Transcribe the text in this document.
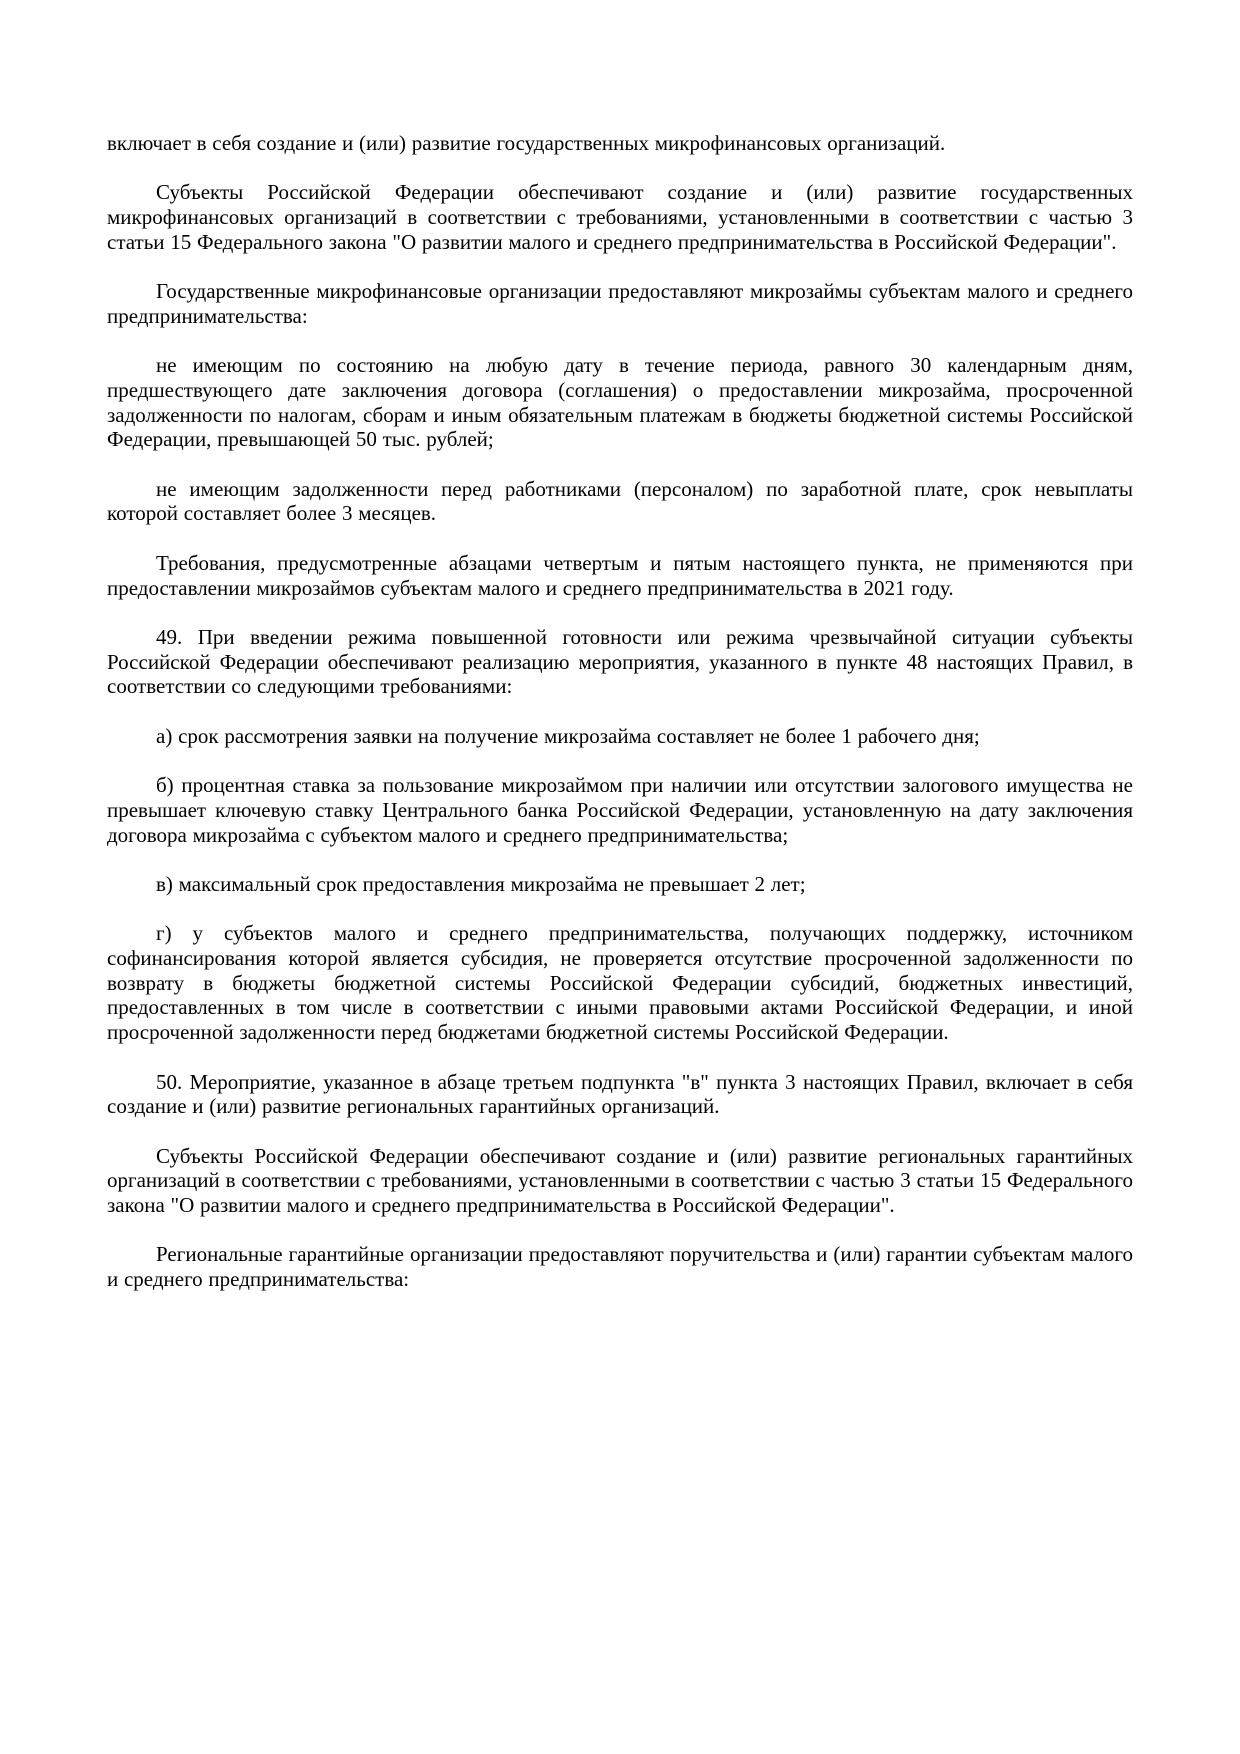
включает в себя создание и (или) развитие государственных микрофинансовых организаций.

Субъекты Российской Федерации обеспечивают создание и (или) развитие государственных микрофинансовых организаций в соответствии с требованиями, установленными в соответствии с частью 3 статьи 15 Федерального закона "О развитии малого и среднего предпринимательства в Российской Федерации".

Государственные микрофинансовые организации предоставляют микрозаймы субъектам малого и среднего предпринимательства:

не имеющим по состоянию на любую дату в течение периода, равного 30 календарным дням, предшествующего дате заключения договора (соглашения) о предоставлении микрозайма, просроченной задолженности по налогам, сборам и иным обязательным платежам в бюджеты бюджетной системы Российской Федерации, превышающей 50 тыс. рублей;

не имеющим задолженности перед работниками (персоналом) по заработной плате, срок невыплаты которой составляет более 3 месяцев.

Требования, предусмотренные абзацами четвертым и пятым настоящего пункта, не применяются при предоставлении микрозаймов субъектам малого и среднего предпринимательства в 2021 году.

49. При введении режима повышенной готовности или режима чрезвычайной ситуации субъекты Российской Федерации обеспечивают реализацию мероприятия, указанного в пункте 48 настоящих Правил, в соответствии со следующими требованиями:

а) срок рассмотрения заявки на получение микрозайма составляет не более 1 рабочего дня;

б) процентная ставка за пользование микрозаймом при наличии или отсутствии залогового имущества не превышает ключевую ставку Центрального банка Российской Федерации, установленную на дату заключения договора микрозайма с субъектом малого и среднего предпринимательства;

в) максимальный срок предоставления микрозайма не превышает 2 лет;

г) у субъектов малого и среднего предпринимательства, получающих поддержку, источником софинансирования которой является субсидия, не проверяется отсутствие просроченной задолженности по возврату в бюджеты бюджетной системы Российской Федерации субсидий, бюджетных инвестиций, предоставленных в том числе в соответствии с иными правовыми актами Российской Федерации, и иной просроченной задолженности перед бюджетами бюджетной системы Российской Федерации.

50. Мероприятие, указанное в абзаце третьем подпункта "в" пункта 3 настоящих Правил, включает в себя создание и (или) развитие региональных гарантийных организаций.

Субъекты Российской Федерации обеспечивают создание и (или) развитие региональных гарантийных организаций в соответствии с требованиями, установленными в соответствии с частью 3 статьи 15 Федерального закона "О развитии малого и среднего предпринимательства в Российской Федерации".

Региональные гарантийные организации предоставляют поручительства и (или) гарантии субъектам малого и среднего предпринимательства:
